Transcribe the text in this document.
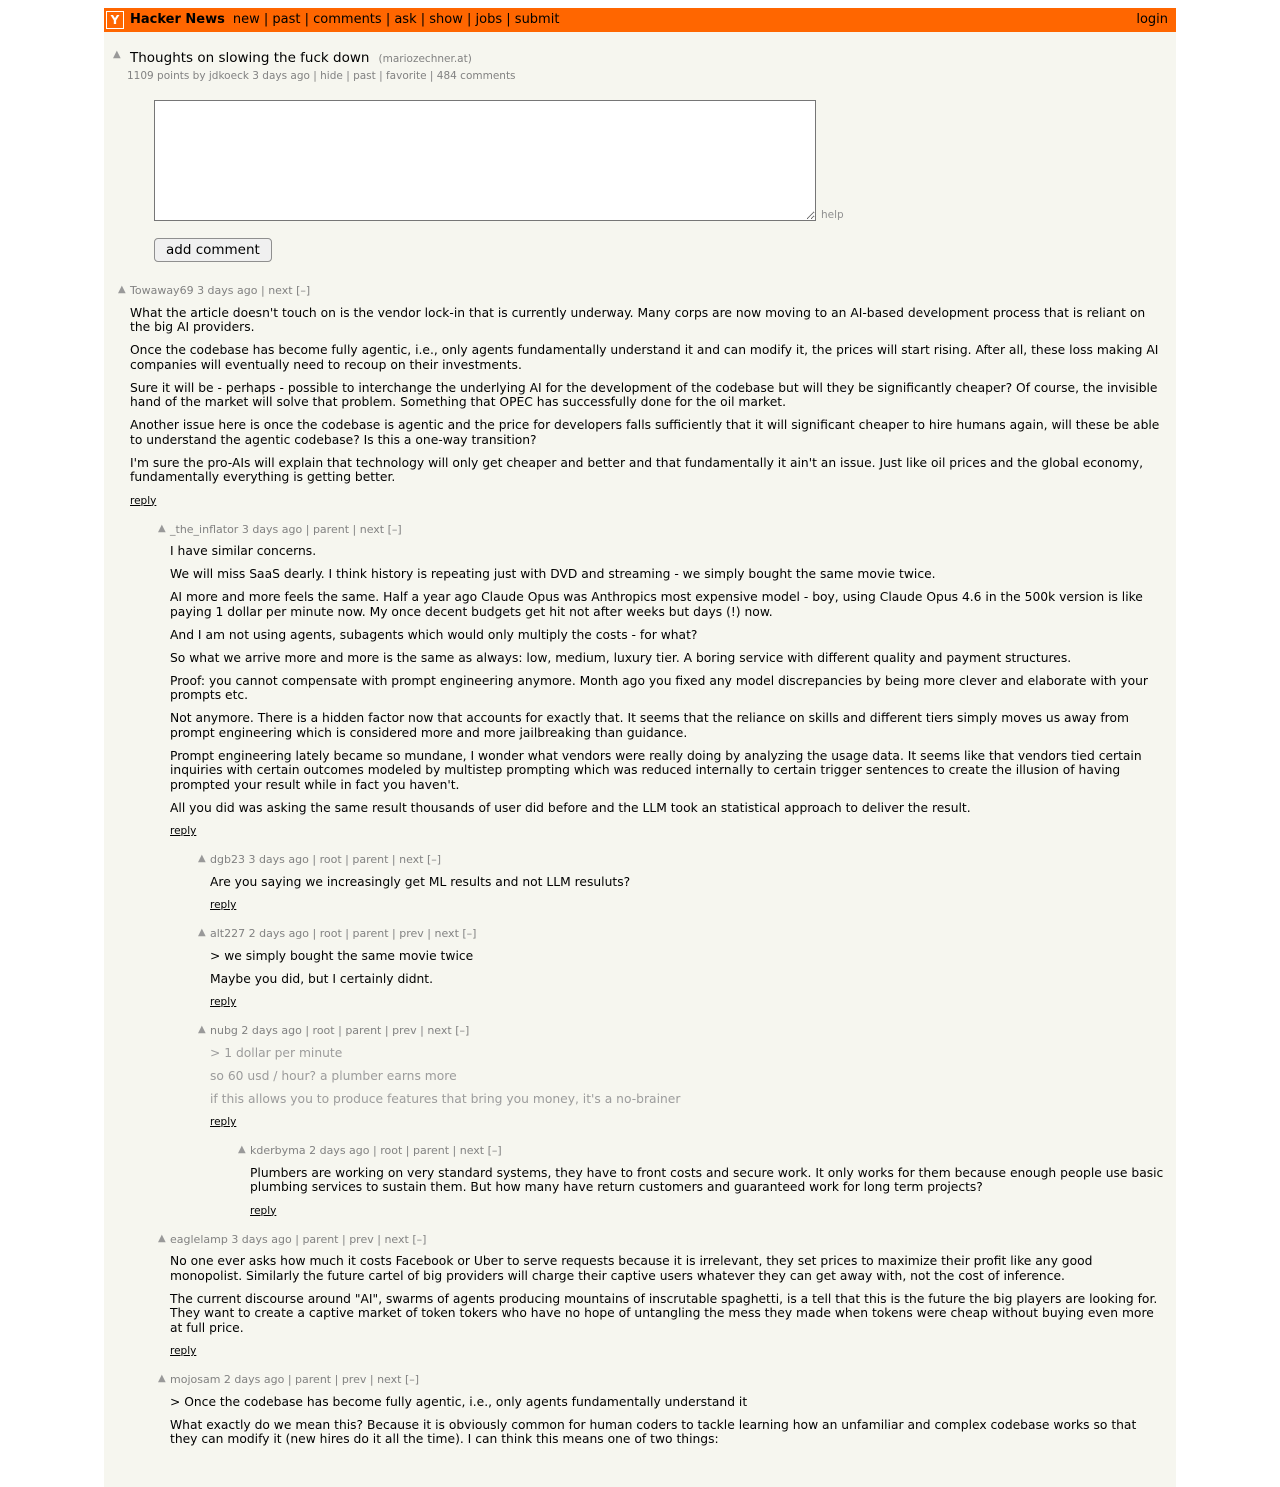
Y Hacker News new | past | comments | ask | show | jobs | submit	login
▲ Thoughts on slowing the fuck down (mariozechner.at)
1109 points by jdkoeck 3 days ago | hide | past | favorite | 484 comments
help
add comment
▲ Towaway69 3 days ago | next [–]

What the article doesn't touch on is the vendor lock-in that is currently underway. Many corps are now moving to an AI-based development process that is reliant on the big AI providers.

Once the codebase has become fully agentic, i.e., only agents fundamentally understand it and can modify it, the prices will start rising. After all, these loss making AI companies will eventually need to recoup on their investments.

Sure it will be - perhaps - possible to interchange the underlying AI for the development of the codebase but will they be significantly cheaper? Of course, the invisible hand of the market will solve that problem. Something that OPEC has successfully done for the oil market.

Another issue here is once the codebase is agentic and the price for developers falls sufficiently that it will significant cheaper to hire humans again, will these be able to understand the agentic codebase? Is this a one-way transition?

I'm sure the pro-AIs will explain that technology will only get cheaper and better and that fundamentally it ain't an issue. Just like oil prices and the global economy, fundamentally everything is getting better.

reply
▲ _the_inflator 3 days ago | parent | next [–]

I have similar concerns.

We will miss SaaS dearly. I think history is repeating just with DVD and streaming - we simply bought the same movie twice.

AI more and more feels the same. Half a year ago Claude Opus was Anthropics most expensive model - boy, using Claude Opus 4.6 in the 500k version is like paying 1 dollar per minute now. My once decent budgets get hit not after weeks but days (!) now.

And I am not using agents, subagents which would only multiply the costs - for what?

So what we arrive more and more is the same as always: low, medium, luxury tier. A boring service with different quality and payment structures.

Proof: you cannot compensate with prompt engineering anymore. Month ago you fixed any model discrepancies by being more clever and elaborate with your prompts etc.

Not anymore. There is a hidden factor now that accounts for exactly that. It seems that the reliance on skills and different tiers simply moves us away from prompt engineering which is considered more and more jailbreaking than guidance.

Prompt engineering lately became so mundane, I wonder what vendors were really doing by analyzing the usage data. It seems like that vendors tied certain inquiries with certain outcomes modeled by multistep prompting which was reduced internally to certain trigger sentences to create the illusion of having prompted your result while in fact you haven't.

All you did was asking the same result thousands of user did before and the LLM took an statistical approach to deliver the result.

reply
▲ dgb23 3 days ago | root | parent | next [–]

Are you saying we increasingly get ML results and not LLM resuluts?

reply
▲ alt227 2 days ago | root | parent | prev | next [–]

> we simply bought the same movie twice

Maybe you did, but I certainly didnt.

reply
▲ nubg 2 days ago | root | parent | prev | next [–]

> 1 dollar per minute

so 60 usd / hour? a plumber earns more

if this allows you to produce features that bring you money, it's a no-brainer

reply
▲ kderbyma 2 days ago | root | parent | next [–]

Plumbers are working on very standard systems, they have to front costs and secure work. It only works for them because enough people use basic plumbing services to sustain them. But how many have return customers and guaranteed work for long term projects?

reply
▲ eaglelamp 3 days ago | parent | prev | next [–]

No one ever asks how much it costs Facebook or Uber to serve requests because it is irrelevant, they set prices to maximize their profit like any good monopolist. Similarly the future cartel of big providers will charge their captive users whatever they can get away with, not the cost of inference.

The current discourse around "AI", swarms of agents producing mountains of inscrutable spaghetti, is a tell that this is the future the big players are looking for. They want to create a captive market of token tokers who have no hope of untangling the mess they made when tokens were cheap without buying even more at full price.

reply
▲ mojosam 2 days ago | parent | prev | next [–]

> Once the codebase has become fully agentic, i.e., only agents fundamentally understand it

What exactly do we mean this? Because it is obviously common for human coders to tackle learning how an unfamiliar and complex codebase works so that they can modify it (new hires do it all the time). I can think this means one of two things:
